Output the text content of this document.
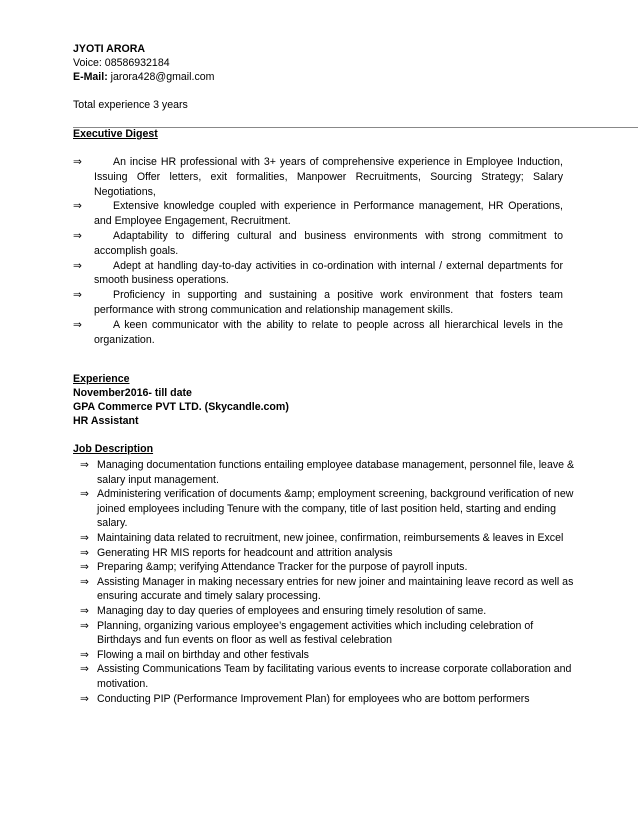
JYOTI ARORA
Voice: 08586932184
E-Mail: jarora428@gmail.com
Total experience 3 years
Executive Digest
⇒	An incise HR professional with 3+ years of comprehensive experience in Employee Induction, Issuing Offer letters, exit formalities, Manpower Recruitments, Sourcing Strategy; Salary Negotiations,
⇒	Extensive knowledge coupled with experience in Performance management, HR Operations, and Employee Engagement, Recruitment.
⇒	Adaptability to differing cultural and business environments with strong commitment to accomplish goals.
⇒	Adept at handling day-to-day activities in co-ordination with internal / external departments for smooth business operations.
⇒	Proficiency in supporting and sustaining a positive work environment that fosters team performance with strong communication and relationship management skills.
⇒	A keen communicator with the ability to relate to people across all hierarchical levels in the organization.
Experience
November2016- till date
GPA Commerce PVT LTD. (Skycandle.com)
HR Assistant
Job Description
⇒ Managing documentation functions entailing employee database management, personnel file, leave & salary input management.
⇒ Administering verification of documents &amp; employment screening, background verification of new joined employees including Tenure with the company, title of last position held, starting and ending salary.
⇒ Maintaining data related to recruitment, new joinee, confirmation, reimbursements & leaves in Excel
⇒ Generating HR MIS reports for headcount and attrition analysis
⇒ Preparing &amp; verifying Attendance Tracker for the purpose of payroll inputs.
⇒ Assisting Manager in making necessary entries for new joiner and maintaining leave record as well as ensuring accurate and timely salary processing.
⇒ Managing day to day queries of employees and ensuring timely resolution of same.
⇒ Planning, organizing various employee’s engagement activities which including celebration of Birthdays and fun events on floor as well as festival celebration
⇒ Flowing a mail on birthday and other festivals
⇒ Assisting Communications Team by facilitating various events to increase corporate collaboration and motivation.
⇒ Conducting PIP (Performance Improvement Plan) for employees who are bottom performers
